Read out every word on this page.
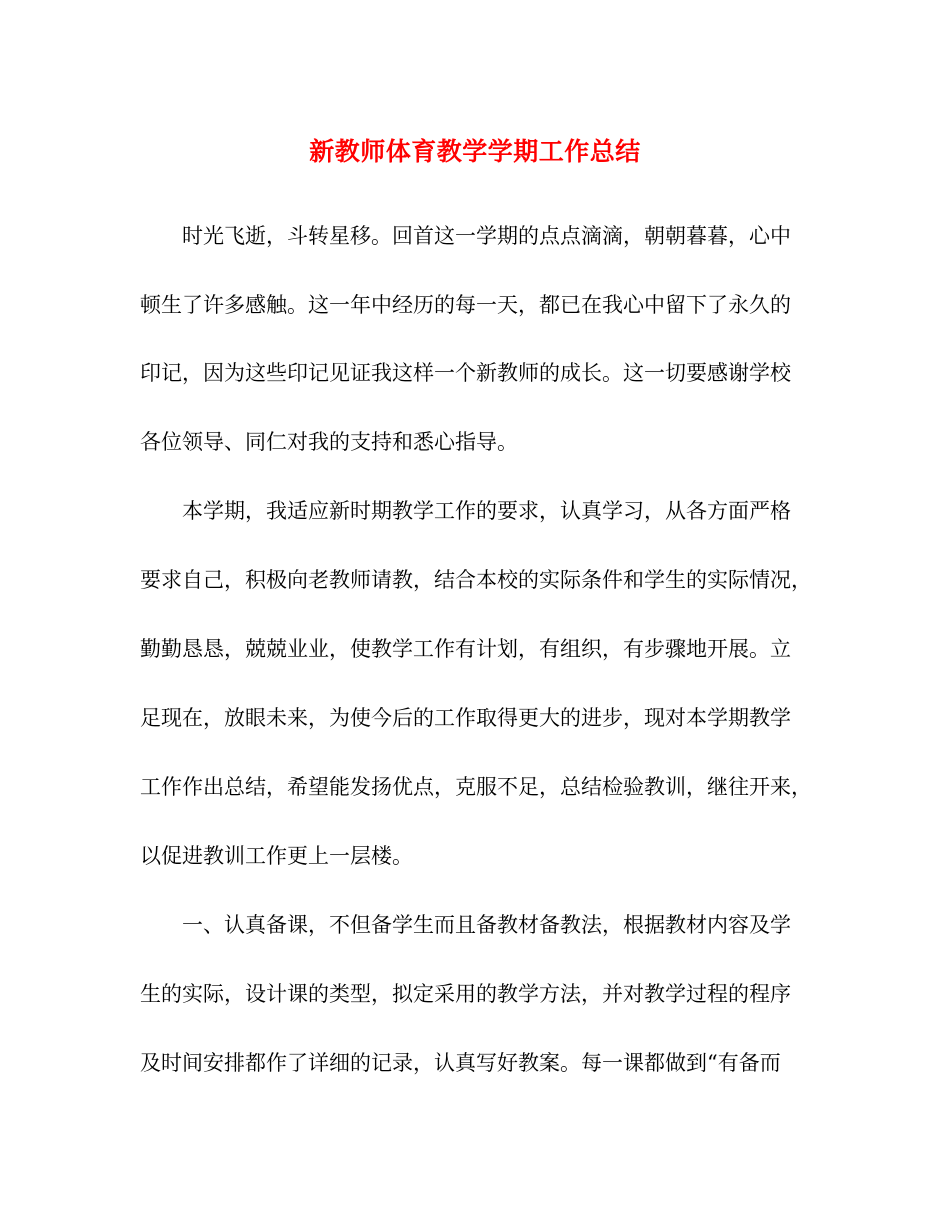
新教师体育教学学期工作总结
　　时光飞逝，斗转星移。回首这一学期的点点滴滴，朝朝暮暮，心中
顿生了许多感触。这一年中经历的每一天，都已在我心中留下了永久的
印记，因为这些印记见证我这样一个新教师的成长。这一切要感谢学校
各位领导、同仁对我的支持和悉心指导。
　　本学期，我适应新时期教学工作的要求，认真学习，从各方面严格
要求自己，积极向老教师请教，结合本校的实际条件和学生的实际情况，
勤勤恳恳，兢兢业业，使教学工作有计划，有组织，有步骤地开展。立
足现在，放眼未来，为使今后的工作取得更大的进步，现对本学期教学
工作作出总结，希望能发扬优点，克服不足，总结检验教训，继往开来，
以促进教训工作更上一层楼。
　　一、认真备课，不但备学生而且备教材备教法，根据教材内容及学
生的实际，设计课的类型，拟定采用的教学方法，并对教学过程的程序
及时间安排都作了详细的记录，认真写好教案。每一课都做到“有备而
